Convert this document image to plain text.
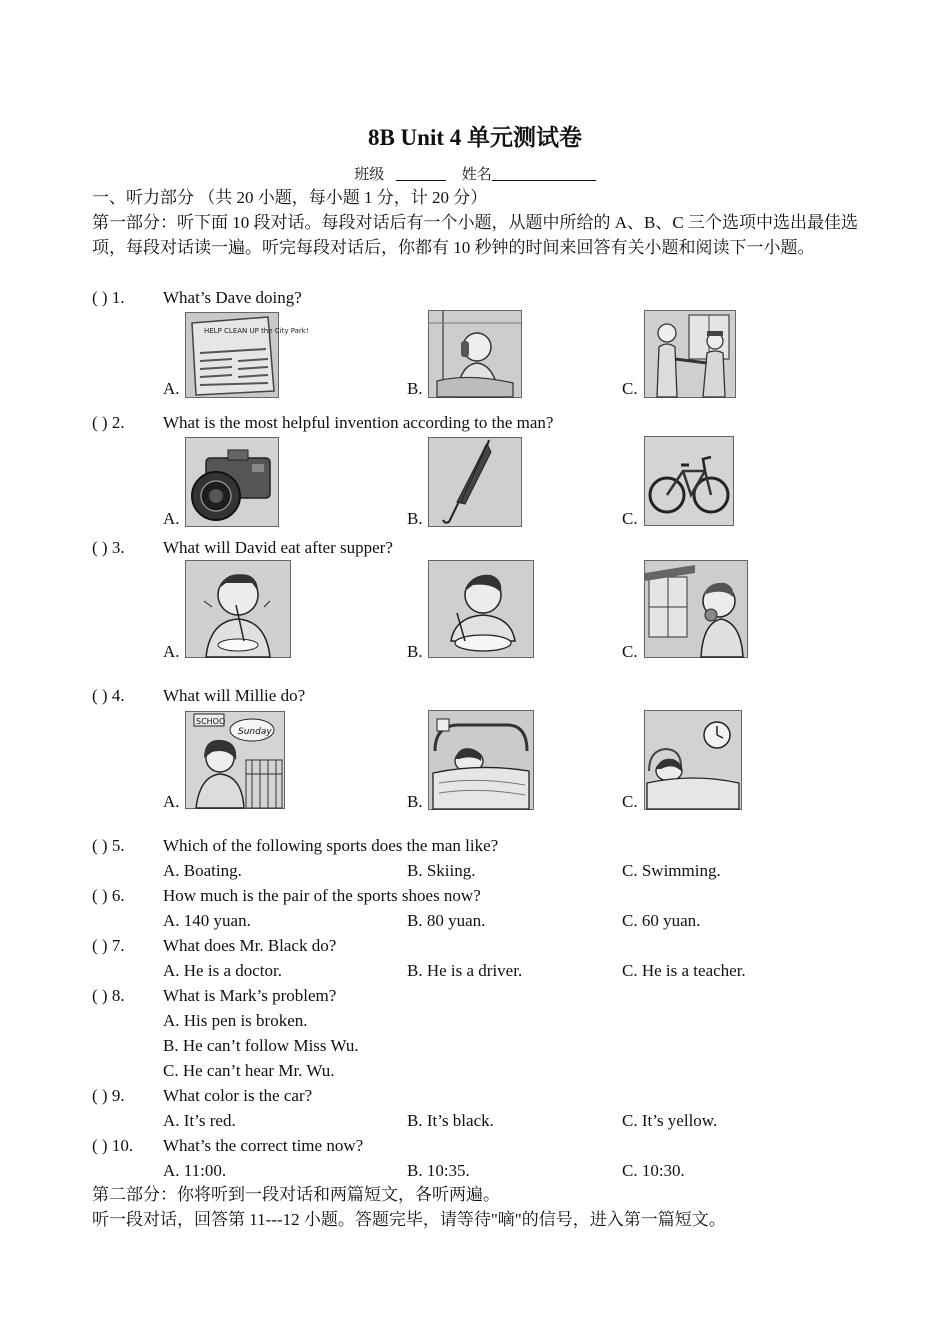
8B Unit 4 单元测试卷
班级	姓名
一、听力部分 （共 20 小题，每小题 1 分，计 20 分）
第一部分：听下面 10 段对话。每段对话后有一个小题，从题中所给的 A、B、C 三个选项中选出最佳选项，每段对话读一遍。听完每段对话后，你都有 10 秒钟的时间来回答有关小题和阅读下一小题。
( ) 1. What’s Dave doing?
A.
HELP CLEAN UP the City Park!
B.	C.
( ) 2. What is the most helpful invention according to the man?
A.	B.	C.
( ) 3. What will David eat after supper?
A.	B.	C.
( ) 4. What will Millie do?
A.
SCHOO
Sunday
B.	C.
( ) 5. Which of the following sports does the man like?
A. Boating.	B. Skiing.	C. Swimming.
( ) 6. How much is the pair of the sports shoes now?
A. 140 yuan.	B. 80 yuan.	C. 60 yuan.
( ) 7. What does Mr. Black do?
A. He is a doctor.	B. He is a driver.	C. He is a teacher.
( ) 8. What is Mark’s problem?
A. His pen is broken.
B. He can’t follow Miss Wu.
C. He can’t hear Mr. Wu.
( ) 9. What color is the car?
A. It’s red.	B. It’s black.	C. It’s yellow.
( ) 10. What’s the correct time now?
A. 11:00.	B. 10:35.	C. 10:30.
第二部分：你将听到一段对话和两篇短文，各听两遍。
听一段对话，回答第 11---12 小题。答题完毕，请等待"嘀"的信号，进入第一篇短文。
